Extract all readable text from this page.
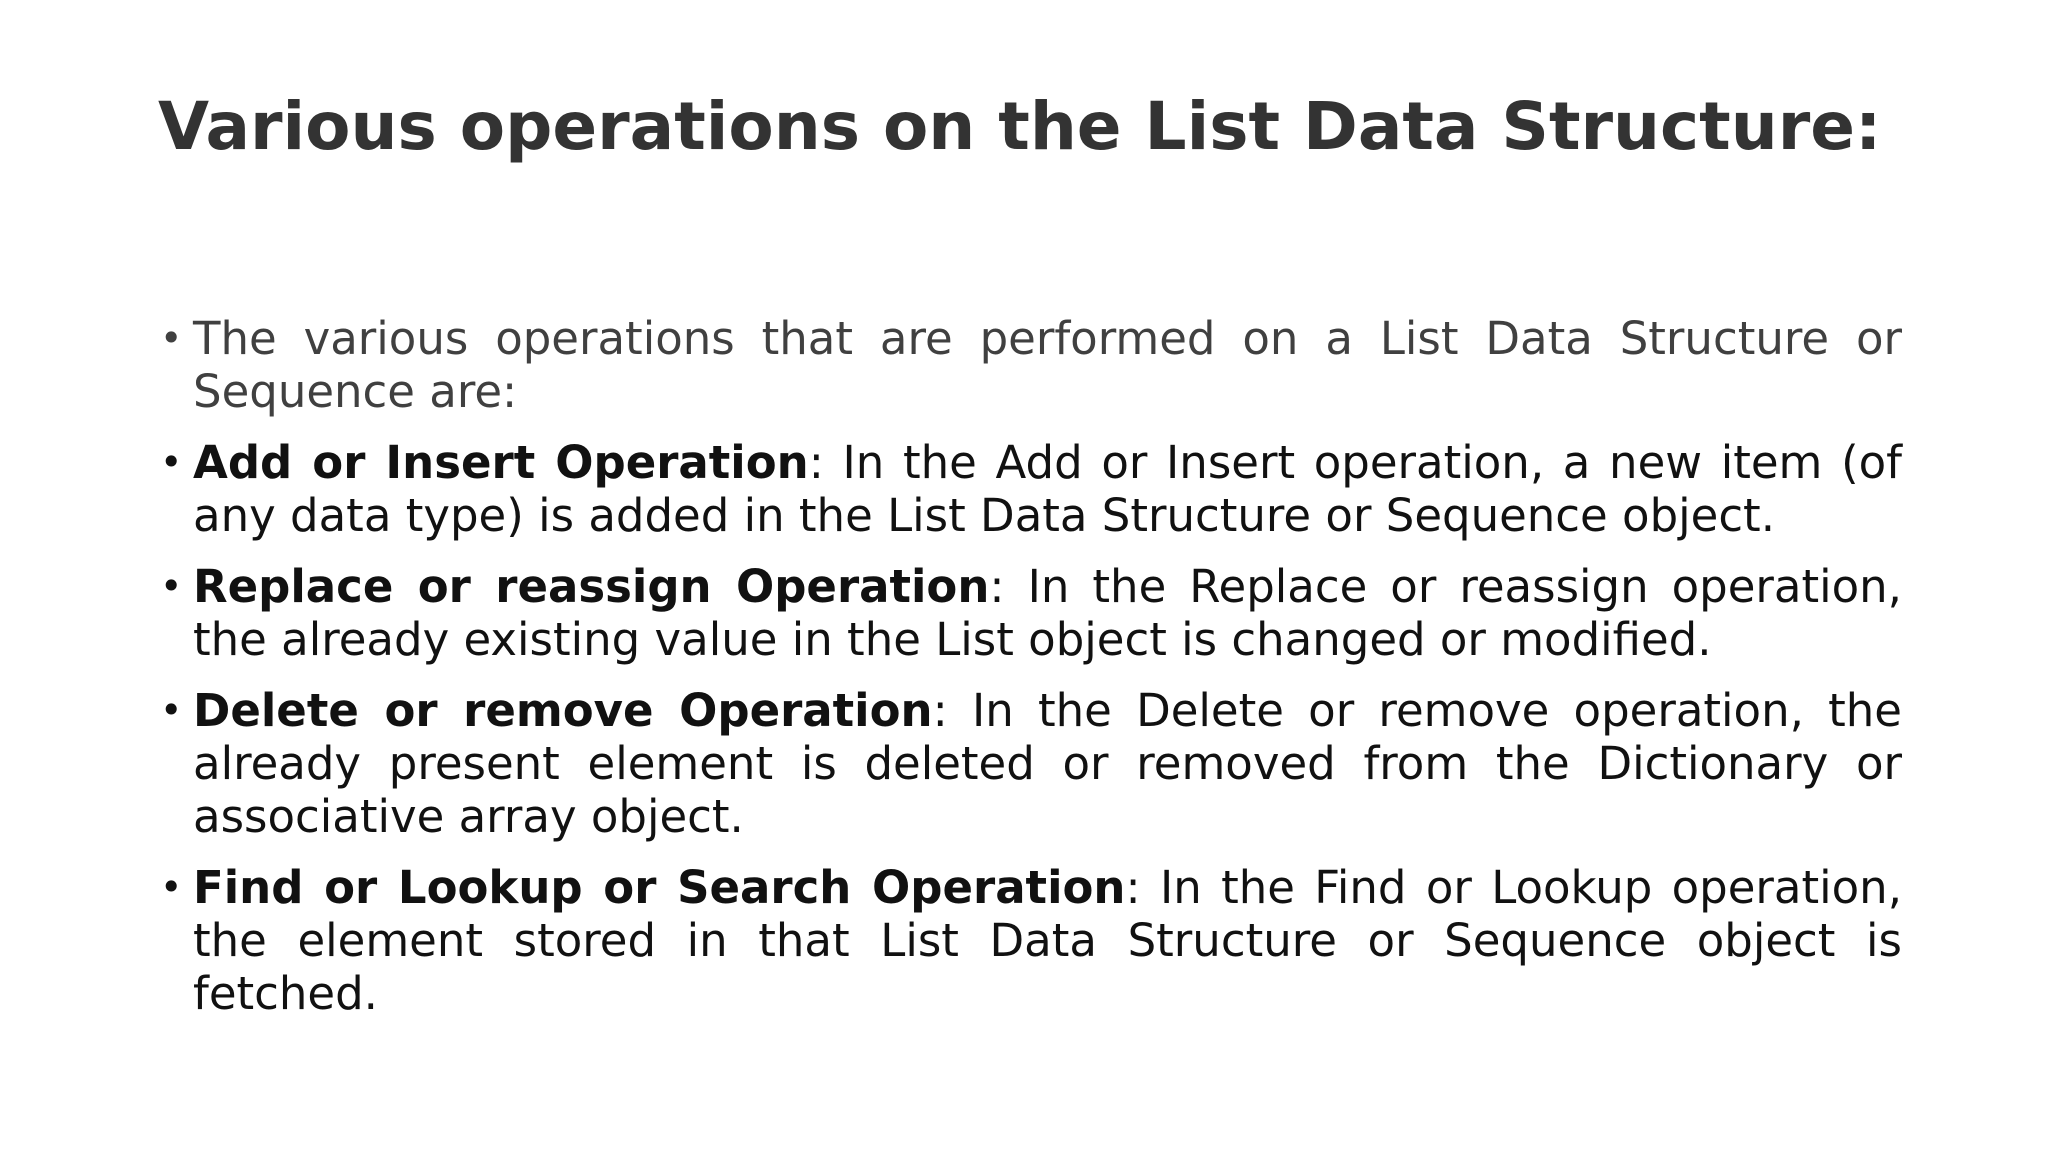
Various operations on the List Data Structure:
• The various operations that are performed on a List Data Structure or Sequence are:
• Add or Insert Operation: In the Add or Insert operation, a new item (of any data type) is added in the List Data Structure or Sequence object.
• Replace or reassign Operation: In the Replace or reassign operation, the already existing value in the List object is changed or modified.
• Delete or remove Operation: In the Delete or remove operation, the already present element is deleted or removed from the Dictionary or associative array object.
• Find or Lookup or Search Operation: In the Find or Lookup operation, the element stored in that List Data Structure or Sequence object is fetched.
